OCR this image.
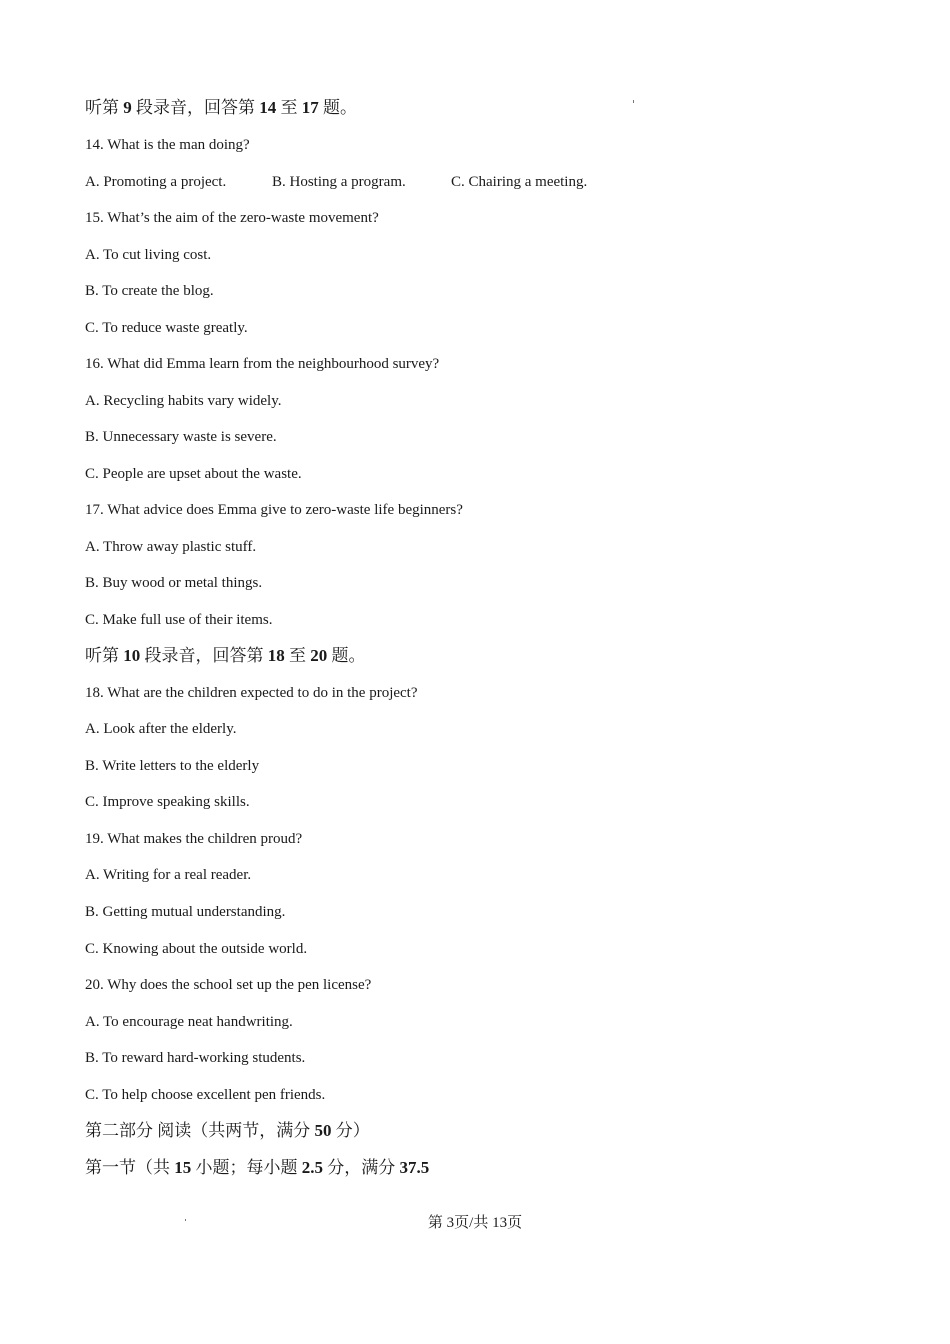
听第 9 段录音，回答第 14 至 17 题。
14. What is the man doing?
A. Promoting a project.	B. Hosting a program.	C. Chairing a meeting.
15. What’s the aim of the zero-waste movement?
A. To cut living cost.
B. To create the blog.
C. To reduce waste greatly.
16. What did Emma learn from the neighbourhood survey?
A. Recycling habits vary widely.
B. Unnecessary waste is severe.
C. People are upset about the waste.
17. What advice does Emma give to zero-waste life beginners?
A. Throw away plastic stuff.
B. Buy wood or metal things.
C. Make full use of their items.
听第 10 段录音，回答第 18 至 20 题。
18. What are the children expected to do in the project?
A. Look after the elderly.
B. Write letters to the elderly
C. Improve speaking skills.
19. What makes the children proud?
A. Writing for a real reader.
B. Getting mutual understanding.
C. Knowing about the outside world.
20. Why does the school set up the pen license?
A. To encourage neat handwriting.
B. To reward hard-working students.
C. To help choose excellent pen friends.
第二部分 阅读（共两节，满分 50 分）
第一节（共 15 小题；每小题 2.5 分，满分 37.5
第 3页/共 13页
